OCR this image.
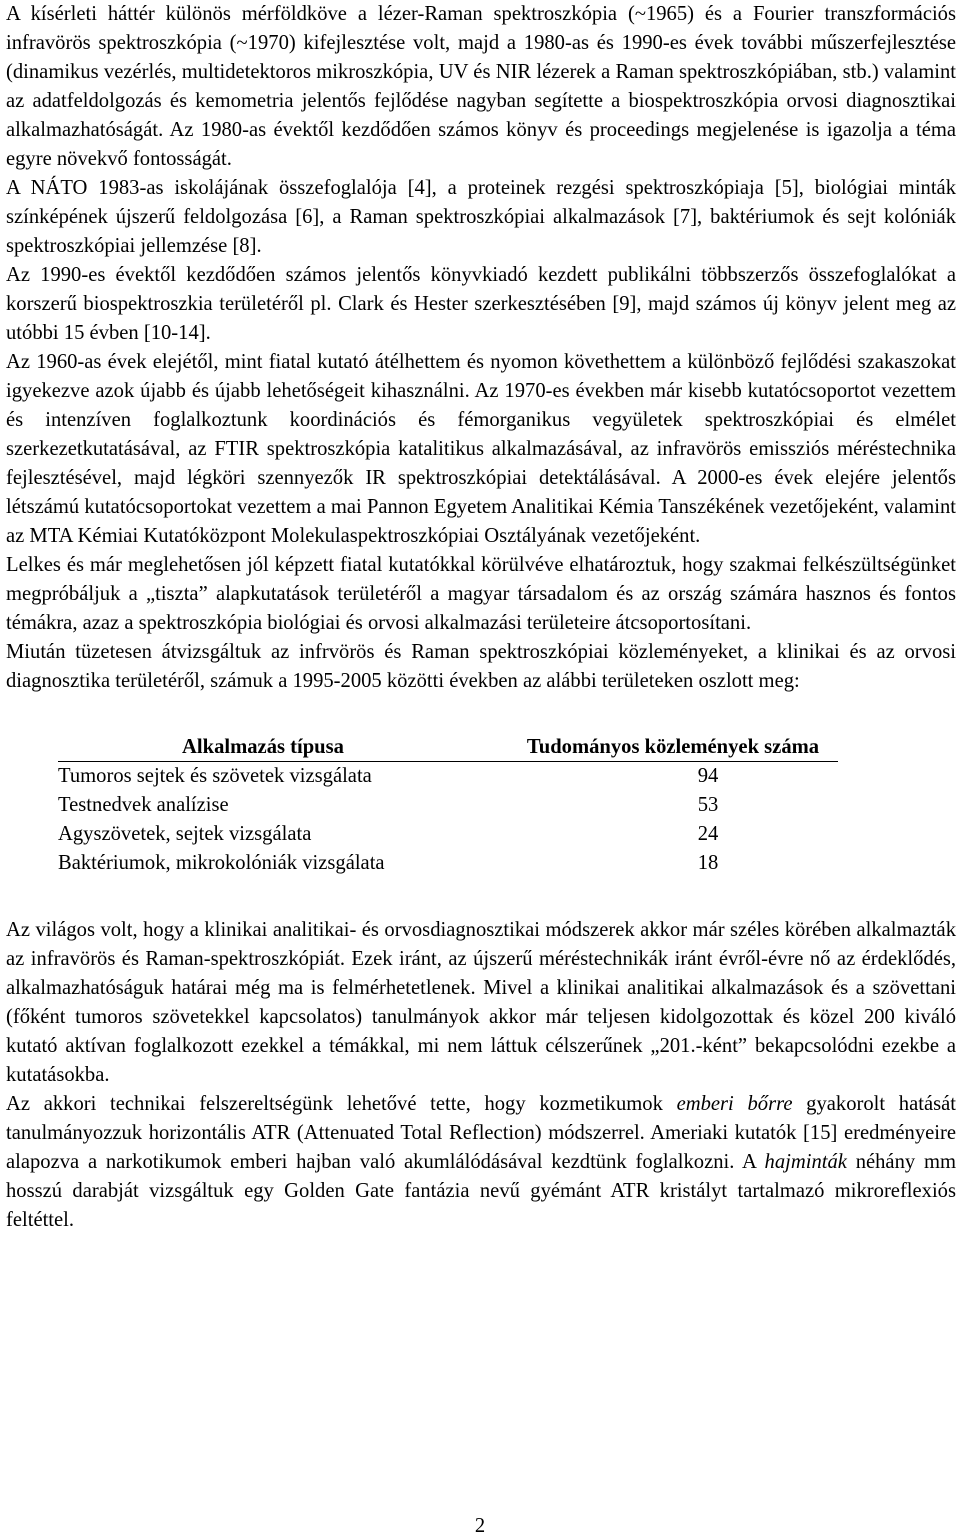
A kísérleti háttér különös mérföldköve a lézer-Raman spektroszkópia (~1965) és a Fourier transzformációs infravörös spektroszkópia (~1970) kifejlesztése volt, majd a 1980-as és 1990-es évek további műszerfejlesztése (dinamikus vezérlés, multidetektoros mikroszkópia, UV és NIR lézerek a Raman spektroszkópiában, stb.) valamint az adatfeldolgozás és kemometria jelentős fejlődése nagyban segítette a biospektroszkópia orvosi diagnosztikai alkalmazhatóságát. Az 1980-as évektől kezdődően számos könyv és proceedings megjelenése is igazolja a téma egyre növekvő fontosságát.

A NÁTO 1983-as iskolájának összefoglalója [4], a proteinek rezgési spektroszkópiaja [5], biológiai minták színképének újszerű feldolgozása [6], a Raman spektroszkópiai alkalmazások [7], baktériumok és sejt kolóniák spektroszkópiai jellemzése [8].

Az 1990-es évektől kezdődően számos jelentős könyvkiadó kezdett publikálni többszerzős összefoglalókat a korszerű biospektroszkia területéről pl. Clark és Hester szerkesztésében [9], majd számos új könyv jelent meg az utóbbi 15 évben [10-14].

Az 1960-as évek elejétől, mint fiatal kutató átélhettem és nyomon követhettem a különböző fejlődési szakaszokat igyekezve azok újabb és újabb lehetőségeit kihasználni. Az 1970-es években már kisebb kutatócsoportot vezettem és intenzíven foglalkoztunk koordinációs és fémorganikus vegyületek spektroszkópiai és elmélet szerkezetkutatásával, az FTIR spektroszkópia katalitikus alkalmazásával, az infravörös emissziós méréstechnika fejlesztésével, majd légköri szennyezők IR spektroszkópiai detektálásával. A 2000-es évek elejére jelentős létszámú kutatócsoportokat vezettem a mai Pannon Egyetem Analitikai Kémia Tanszékének vezetőjeként, valamint az MTA Kémiai Kutatóközpont Molekulaspektroszkópiai Osztályának vezetőjeként.

Lelkes és már meglehetősen jól képzett fiatal kutatókkal körülvéve elhatároztuk, hogy szakmai felkészültségünket megpróbáljuk a „tiszta” alapkutatások területéről a magyar társadalom és az ország számára hasznos és fontos témákra, azaz a spektroszkópia biológiai és orvosi alkalmazási területeire átcsoportosítani.

Miután tüzetesen átvizsgáltuk az infrvörös és Raman spektroszkópiai közleményeket, a klinikai és az orvosi diagnosztika területéről, számuk a 1995-2005 közötti években az alábbi területeken oszlott meg:

Alkalmazás típusa	Tudományos közlemények száma
Tumoros sejtek és szövetek vizsgálata	94
Testnedvek analízise	53
Agyszövetek, sejtek vizsgálata	24
Baktériumok, mikrokolóniák vizsgálata	18

Az világos volt, hogy a klinikai analitikai- és orvosdiagnosztikai módszerek akkor már széles körében alkalmazták az infravörös és Raman-spektroszkópiát. Ezek iránt, az újszerű méréstechnikák iránt évről-évre nő az érdeklődés, alkalmazhatóságuk határai még ma is felmérhetetlenek. Mivel a klinikai analitikai alkalmazások és a szövettani (főként tumoros szövetekkel kapcsolatos) tanulmányok akkor már teljesen kidolgozottak és közel 200 kiváló kutató aktívan foglalkozott ezekkel a témákkal, mi nem láttuk célszerűnek „201.-ként” bekapcsolódni ezekbe a kutatásokba.

Az akkori technikai felszereltségünk lehetővé tette, hogy kozmetikumok emberi bőrre gyakorolt hatását tanulmányozzuk horizontális ATR (Attenuated Total Reflection) módszerrel. Ameriaki kutatók [15] eredményeire alapozva a narkotikumok emberi hajban való akumlálódásával kezdtünk foglalkozni. A hajminták néhány mm hosszú darabját vizsgáltuk egy Golden Gate fantázia nevű gyémánt ATR kristályt tartalmazó mikroreflexiós feltéttel.

2
